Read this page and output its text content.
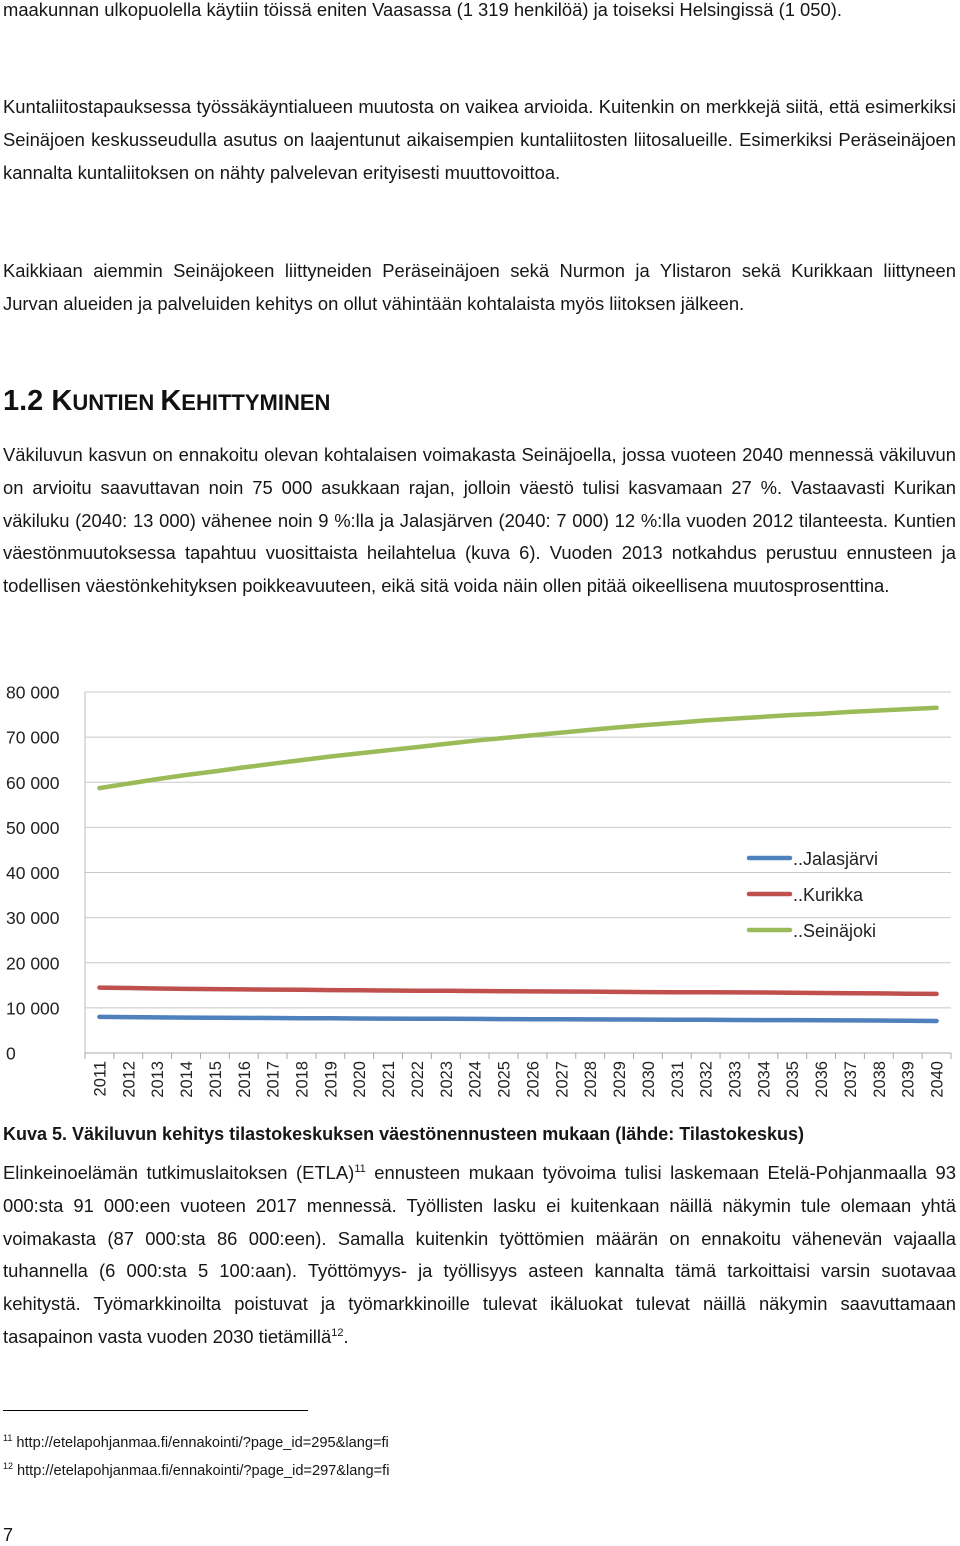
maakunnan ulkopuolella käytiin töissä eniten Vaasassa (1 319 henkilöä) ja toiseksi Helsingissä (1 050).

Kuntaliitostapauksessa työssäkäyntialueen muutosta on vaikea arvioida. Kuitenkin on merkkejä siitä, että esimerkiksi Seinäjoen keskusseudulla asutus on laajentunut aikaisempien kuntaliitosten liitosalueille. Esimerkiksi Peräseinäjoen kannalta kuntaliitoksen on nähty palvelevan erityisesti muuttovoittoa.

Kaikkiaan aiemmin Seinäjokeen liittyneiden Peräseinäjoen sekä Nurmon ja Ylistaron sekä Kurikkaan liittyneen Jurvan alueiden ja palveluiden kehitys on ollut vähintään kohtalaista myös liitoksen jälkeen.

1.2 KUNTIEN KEHITTYMINEN

Väkiluvun kasvun on ennakoitu olevan kohtalaisen voimakasta Seinäjoella, jossa vuoteen 2040 mennessä väkiluvun on arvioitu saavuttavan noin 75 000 asukkaan rajan, jolloin väestö tulisi kasvamaan 27 %. Vastaavasti Kurikan väkiluku (2040: 13 000) vähenee noin 9 %:lla ja Jalasjärven (2040: 7 000) 12 %:lla vuoden 2012 tilanteesta. Kuntien väestönmuutoksessa tapahtuu vuosittaista heilahtelua (kuva 6). Vuoden 2013 notkahdus perustuu ennusteen ja todellisen väestönkehityksen poikkeavuuteen, eikä sitä voida näin ollen pitää oikeellisena muutosprosenttina.

0
10 000
20 000
30 000
40 000
50 000
60 000
70 000
80 000
2011 2012 2013 2014 2015 2016 2017 2018 2019 2020 2021 2022 2023 2024 2025 2026 2027 2028 2029 2030 2031 2032 2033 2034 2035 2036 2037 2038 2039 2040
..Jalasjärvi
..Kurikka
..Seinäjoki

Kuva 5. Väkiluvun kehitys tilastokeskuksen väestönennusteen mukaan (lähde: Tilastokeskus)

Elinkeinoelämän tutkimuslaitoksen (ETLA)$^{11}$ ennusteen mukaan työvoima tulisi laskemaan Etelä-Pohjanmaalla 93 000:sta 91 000:een vuoteen 2017 mennessä. Työllisten lasku ei kuitenkaan näillä näkymin tule olemaan yhtä voimakasta (87 000:sta 86 000:een). Samalla kuitenkin työttömien määrän on ennakoitu vähenevän vajaalla tuhannella (6 000:sta 5 100:aan). Työttömyys- ja työllisyys asteen kannalta tämä tarkoittaisi varsin suotavaa kehitystä. Työmarkkinoilta poistuvat ja työmarkkinoille tulevat ikäluokat tulevat näillä näkymin saavuttamaan tasapainon vasta vuoden 2030 tietämillä$^{12}$.

$^{11}$ http://etelapohjanmaa.fi/ennakointi/?page_id=295&lang=fi

$^{12}$ http://etelapohjanmaa.fi/ennakointi/?page_id=297&lang=fi

7
